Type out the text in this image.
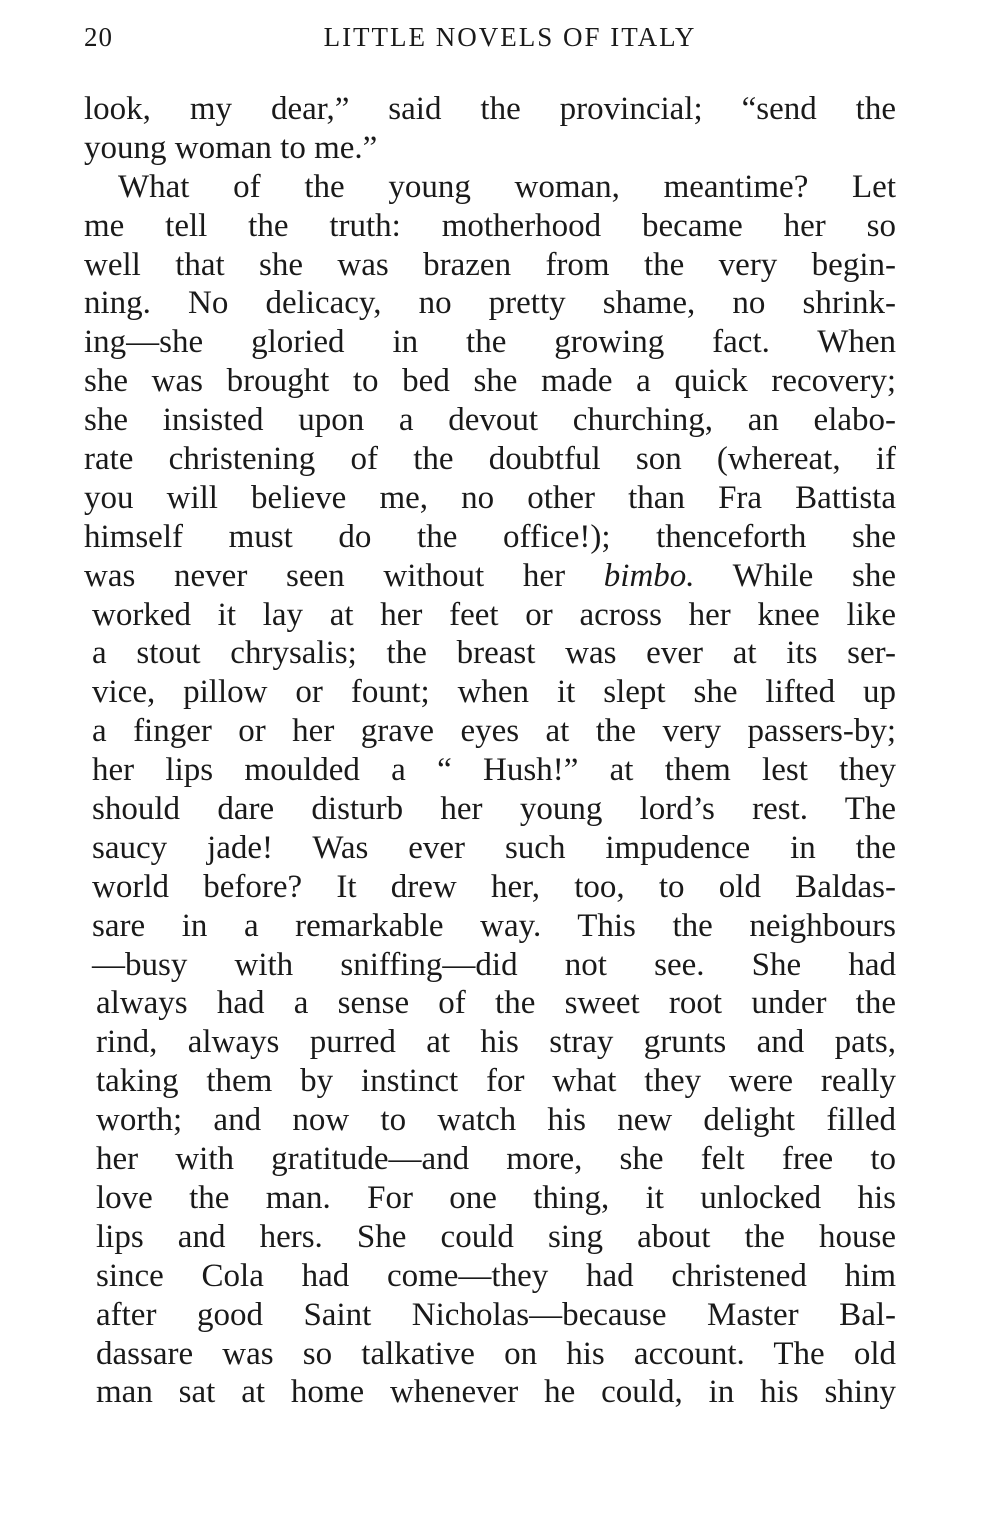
20	LITTLE NOVELS OF ITALY
look, my dear,” said the provincial; “send the
young woman to me.”
What of the young woman, meantime? Let
me tell the truth: motherhood became her so
well that she was brazen from the very begin-
ning. No delicacy, no pretty shame, no shrink-
ing—she gloried in the growing fact. When
she was brought to bed she made a quick recovery;
she insisted upon a devout churching, an elabo-
rate christening of the doubtful son (whereat, if
you will believe me, no other than Fra Battista
himself must do the office!); thenceforth she
was never seen without her bimbo. While she
worked it lay at her feet or across her knee like
a stout chrysalis; the breast was ever at its ser-
vice, pillow or fount; when it slept she lifted up
a finger or her grave eyes at the very passers-by;
her lips moulded a “ Hush!” at them lest they
should dare disturb her young lord’s rest. The
saucy jade! Was ever such impudence in the
world before? It drew her, too, to old Baldas-
sare in a remarkable way. This the neighbours
—busy with sniffing—did not see. She had
always had a sense of the sweet root under the
rind, always purred at his stray grunts and pats,
taking them by instinct for what they were really
worth; and now to watch his new delight filled
her with gratitude—and more, she felt free to
love the man. For one thing, it unlocked his
lips and hers. She could sing about the house
since Cola had come—they had christened him
after good Saint Nicholas—because Master Bal-
dassare was so talkative on his account. The old
man sat at home whenever he could, in his shiny
